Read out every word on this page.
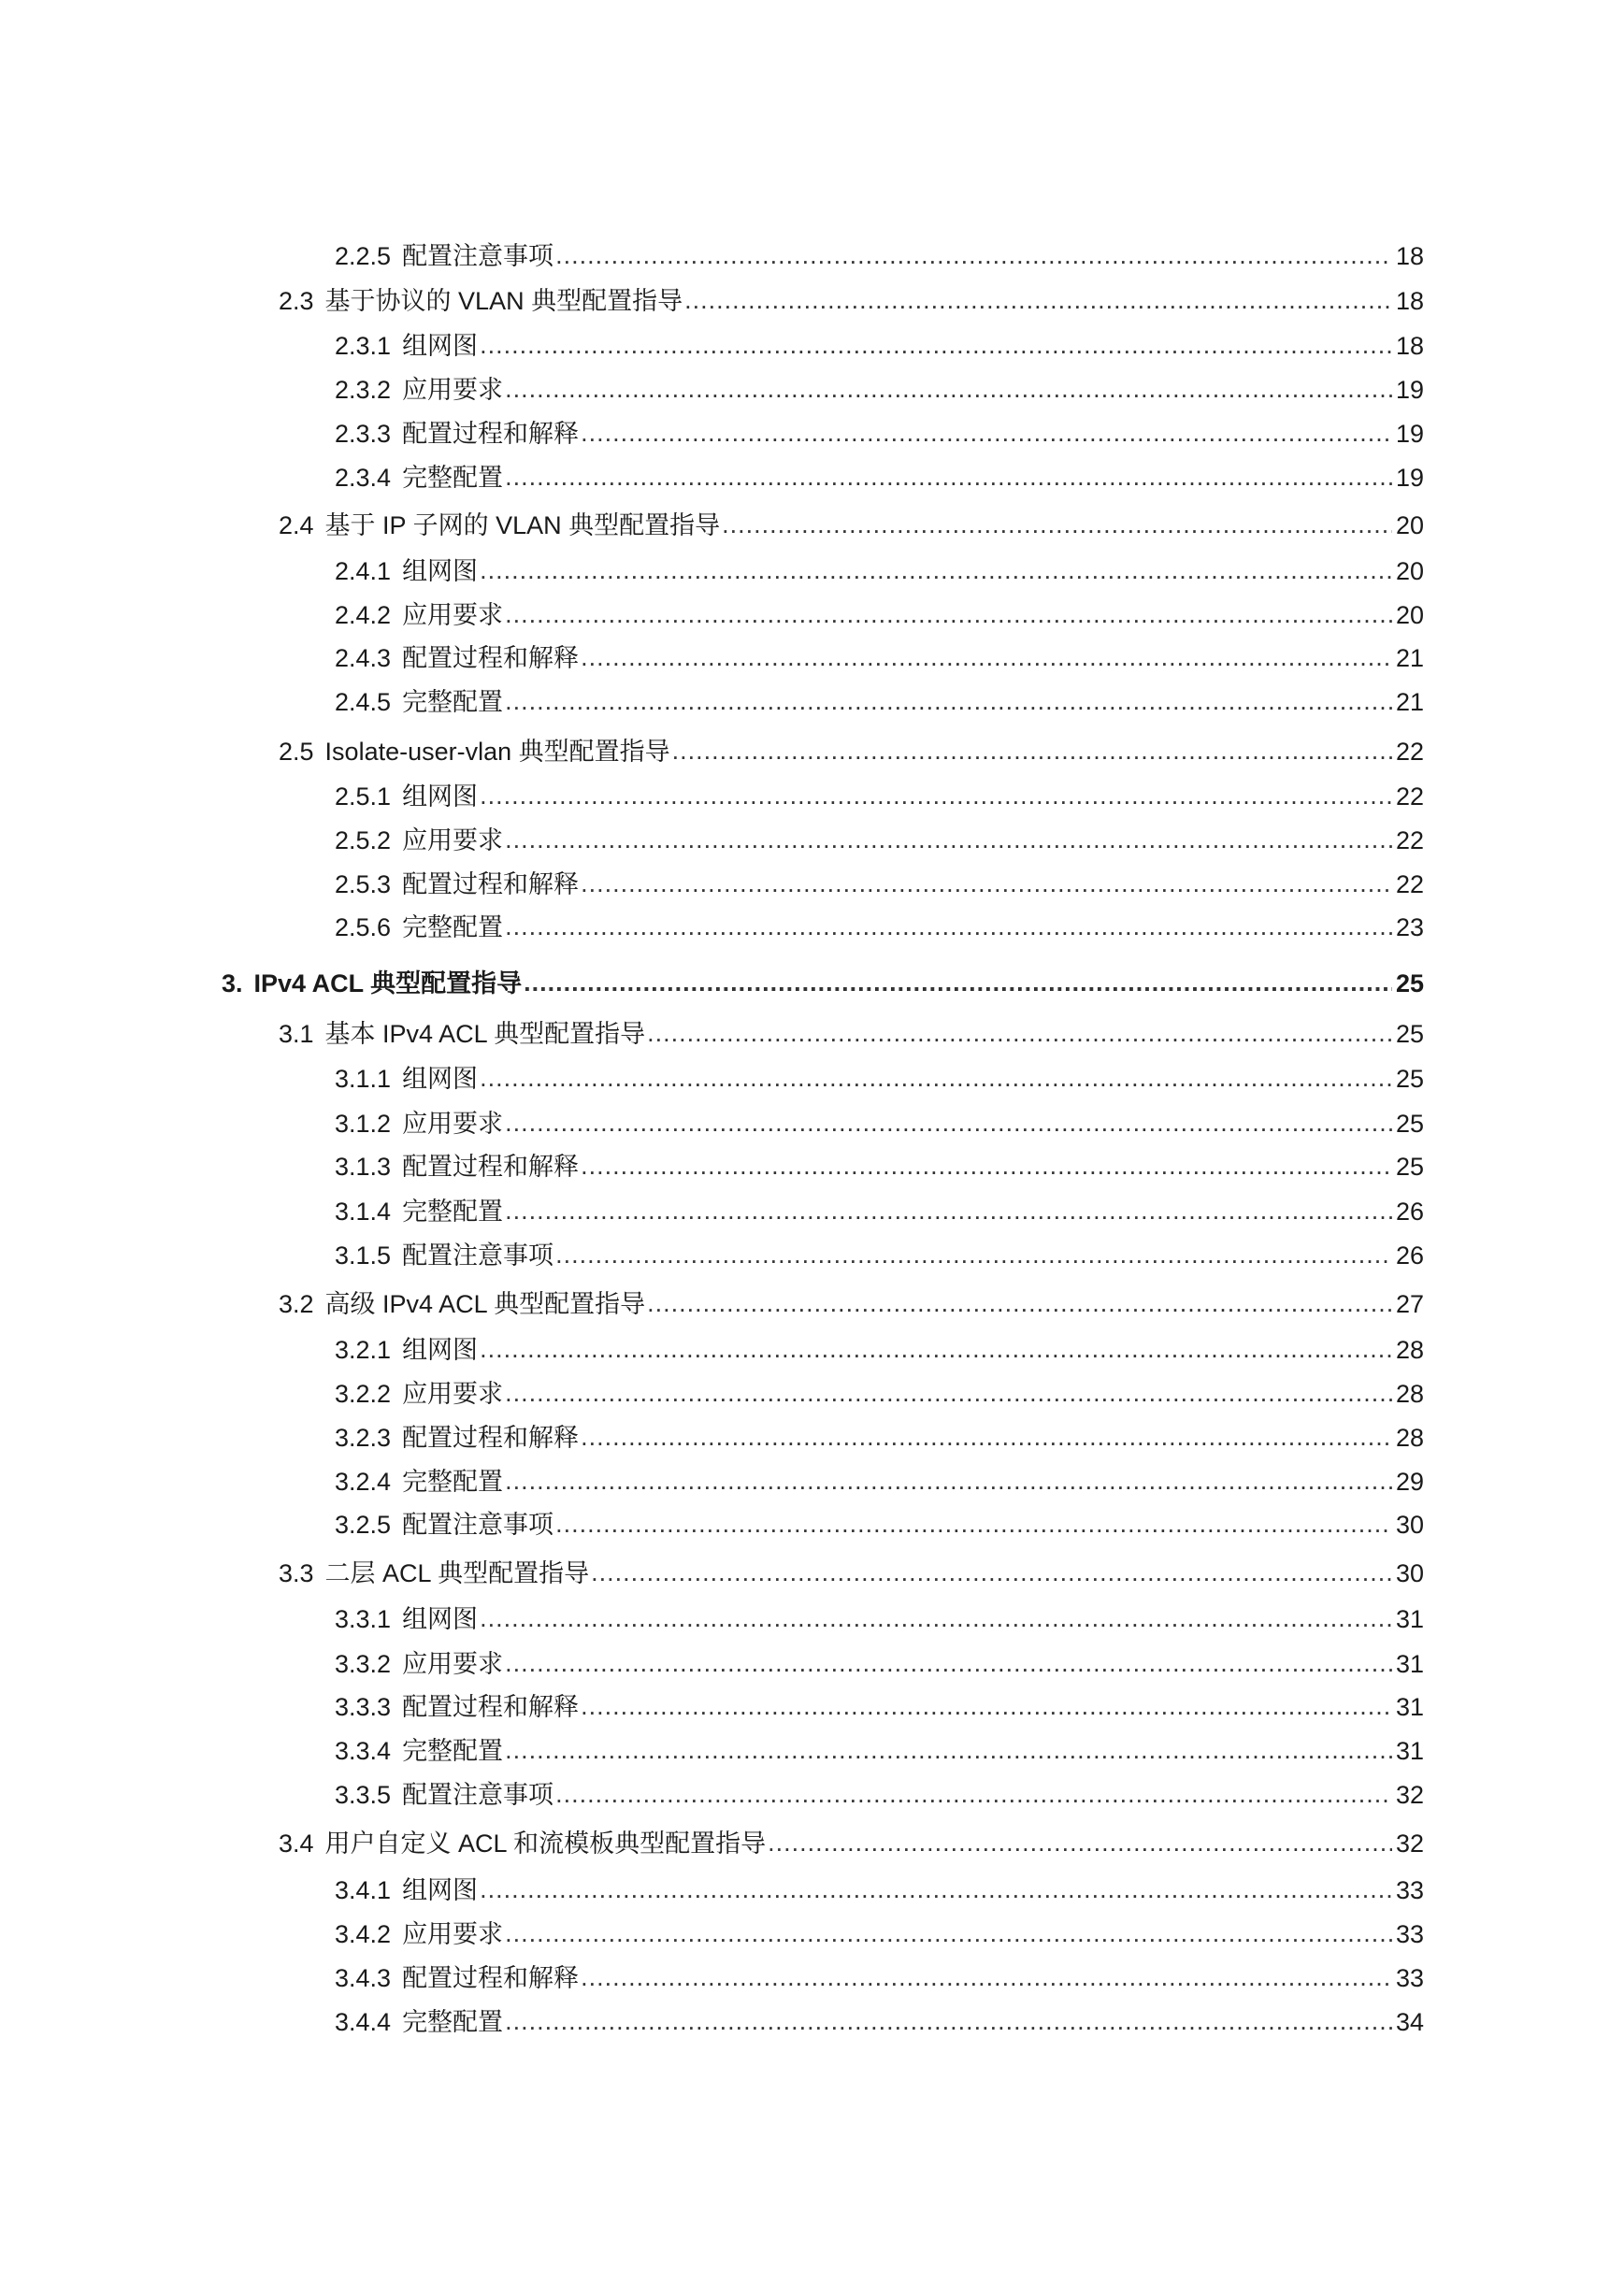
2.2.5 配置注意事项 .....	18
2.3 基于协议的 VLAN 典型配置指导 .....	18
2.3.1 组网图 .....	18
2.3.2 应用要求 .....	19
2.3.3 配置过程和解释 .....	19
2.3.4 完整配置 .....	19
2.4 基于 IP 子网的 VLAN 典型配置指导 .....	20
2.4.1 组网图 .....	20
2.4.2 应用要求 .....	20
2.4.3 配置过程和解释 .....	21
2.4.5 完整配置 .....	21
2.5 Isolate-user-vlan 典型配置指导 .....	22
2.5.1 组网图 .....	22
2.5.2 应用要求 .....	22
2.5.3 配置过程和解释 .....	22
2.5.6 完整配置 .....	23
3. IPv4 ACL 典型配置指导 .....	25
3.1 基本 IPv4 ACL 典型配置指导 .....	25
3.1.1 组网图 .....	25
3.1.2 应用要求 .....	25
3.1.3 配置过程和解释 .....	25
3.1.4 完整配置 .....	26
3.1.5 配置注意事项 .....	26
3.2 高级 IPv4 ACL 典型配置指导 .....	27
3.2.1 组网图 .....	28
3.2.2 应用要求 .....	28
3.2.3 配置过程和解释 .....	28
3.2.4 完整配置 .....	29
3.2.5 配置注意事项 .....	30
3.3 二层 ACL 典型配置指导 .....	30
3.3.1 组网图 .....	31
3.3.2 应用要求 .....	31
3.3.3 配置过程和解释 .....	31
3.3.4 完整配置 .....	31
3.3.5 配置注意事项 .....	32
3.4 用户自定义 ACL 和流模板典型配置指导 .....	32
3.4.1 组网图 .....	33
3.4.2 应用要求 .....	33
3.4.3 配置过程和解释 .....	33
3.4.4 完整配置 .....	34
